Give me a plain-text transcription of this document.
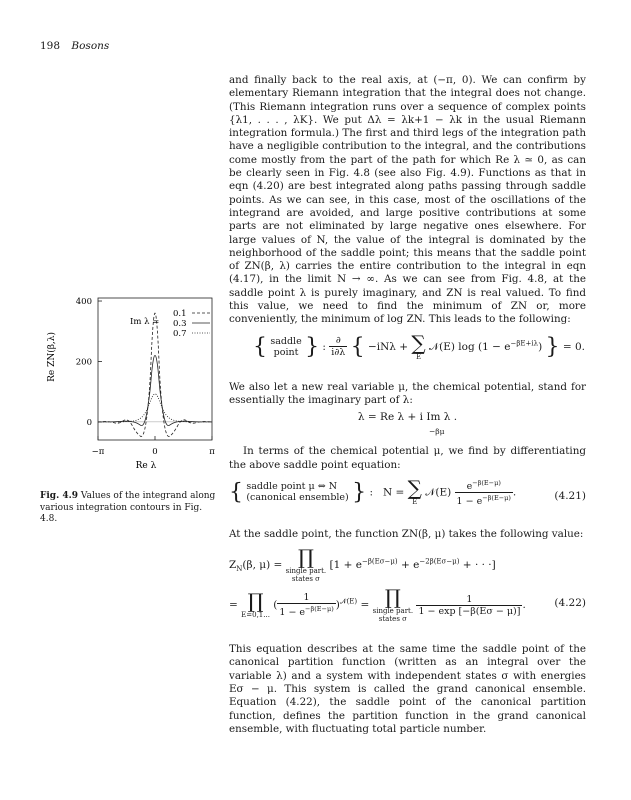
198 Bosons
0
200
400
−π	0	π
0.1
0.3
0.7
Re ZN(β,λ)
Re λ
Im λ =
Fig. 4.9 Values of the integrand along various integration contours in Fig. 4.8.

and finally back to the real axis, at (−π, 0). We can confirm by elementary Riemann integration that the integral does not change. (This Riemann integration runs over a sequence of complex points {λ1, . . . , λK}. We put Δλ = λk+1 − λk in the usual Riemann integration formula.) The first and third legs of the integration path have a negligible contribution to the integral, and the contributions come mostly from the part of the path for which Re λ ≃ 0, as can be clearly seen in Fig. 4.8 (see also Fig. 4.9). Functions as that in eqn (4.20) are best integrated along paths passing through saddle points. As we can see, in this case, most of the oscillations of the integrand are avoided, and large positive contributions at some parts are not eliminated by large negative ones elsewhere. For large values of N, the value of the integral is dominated by the neighborhood of the saddle point; this means that the saddle point of ZN(β, λ) carries the entire contribution to the integral in eqn (4.17), in the limit N → ∞. As we can see from Fig. 4.8, at the saddle point λ is purely imaginary, and ZN is real valued. To find this value, we need to find the minimum of ZN or, more conveniently, the minimum of log ZN. This leads to the following:

{ saddle
point } : $\frac{\partial}{i\partial\lambda}$ { −iNλ + ∑
E
𝒩(E) $\log (1 - e^{-\beta E+i\lambda})$ } = 0.

We also let a new real variable μ, the chemical potential, stand for essentially the imaginary part of λ:

λ = Re λ + i Im λ .
−βμ

In terms of the chemical potential μ, we find by differentiating the above saddle point equation:

{ saddle point μ ⇔ N
(canonical ensemble) } :   N = ∑
E
𝒩(E) $\frac{e^{-\beta(E-\mu)}}{1 - e^{-\beta(E-\mu)}}$ .	(4.21)

At the saddle point, the function ZN(β, μ) takes the following value:

$Z_N(\beta$, μ) = ∏
single part.
states σ
[$1 + e^{-\beta(E\sigma-\mu)} + e^{-2\beta(E\sigma-\mu)}$ + · · ·]
= ∏
E=0,1...
( $\frac{1}{1 - e^{-\beta(E-\mu)}} )^{𝒩(E)}$ = ∏
single part.
states σ

$\frac{1}{1 - \exp [-\beta(E\sigma - \mu)]}$ .	(4.22)

This equation describes at the same time the saddle point of the canonical partition function (written as an integral over the variable λ) and a system with independent states σ with energies Eσ − μ. This system is called the grand canonical ensemble. Equation (4.22), the saddle point of the canonical partition function, defines the partition function in the grand canonical ensemble, with fluctuating total particle number.
